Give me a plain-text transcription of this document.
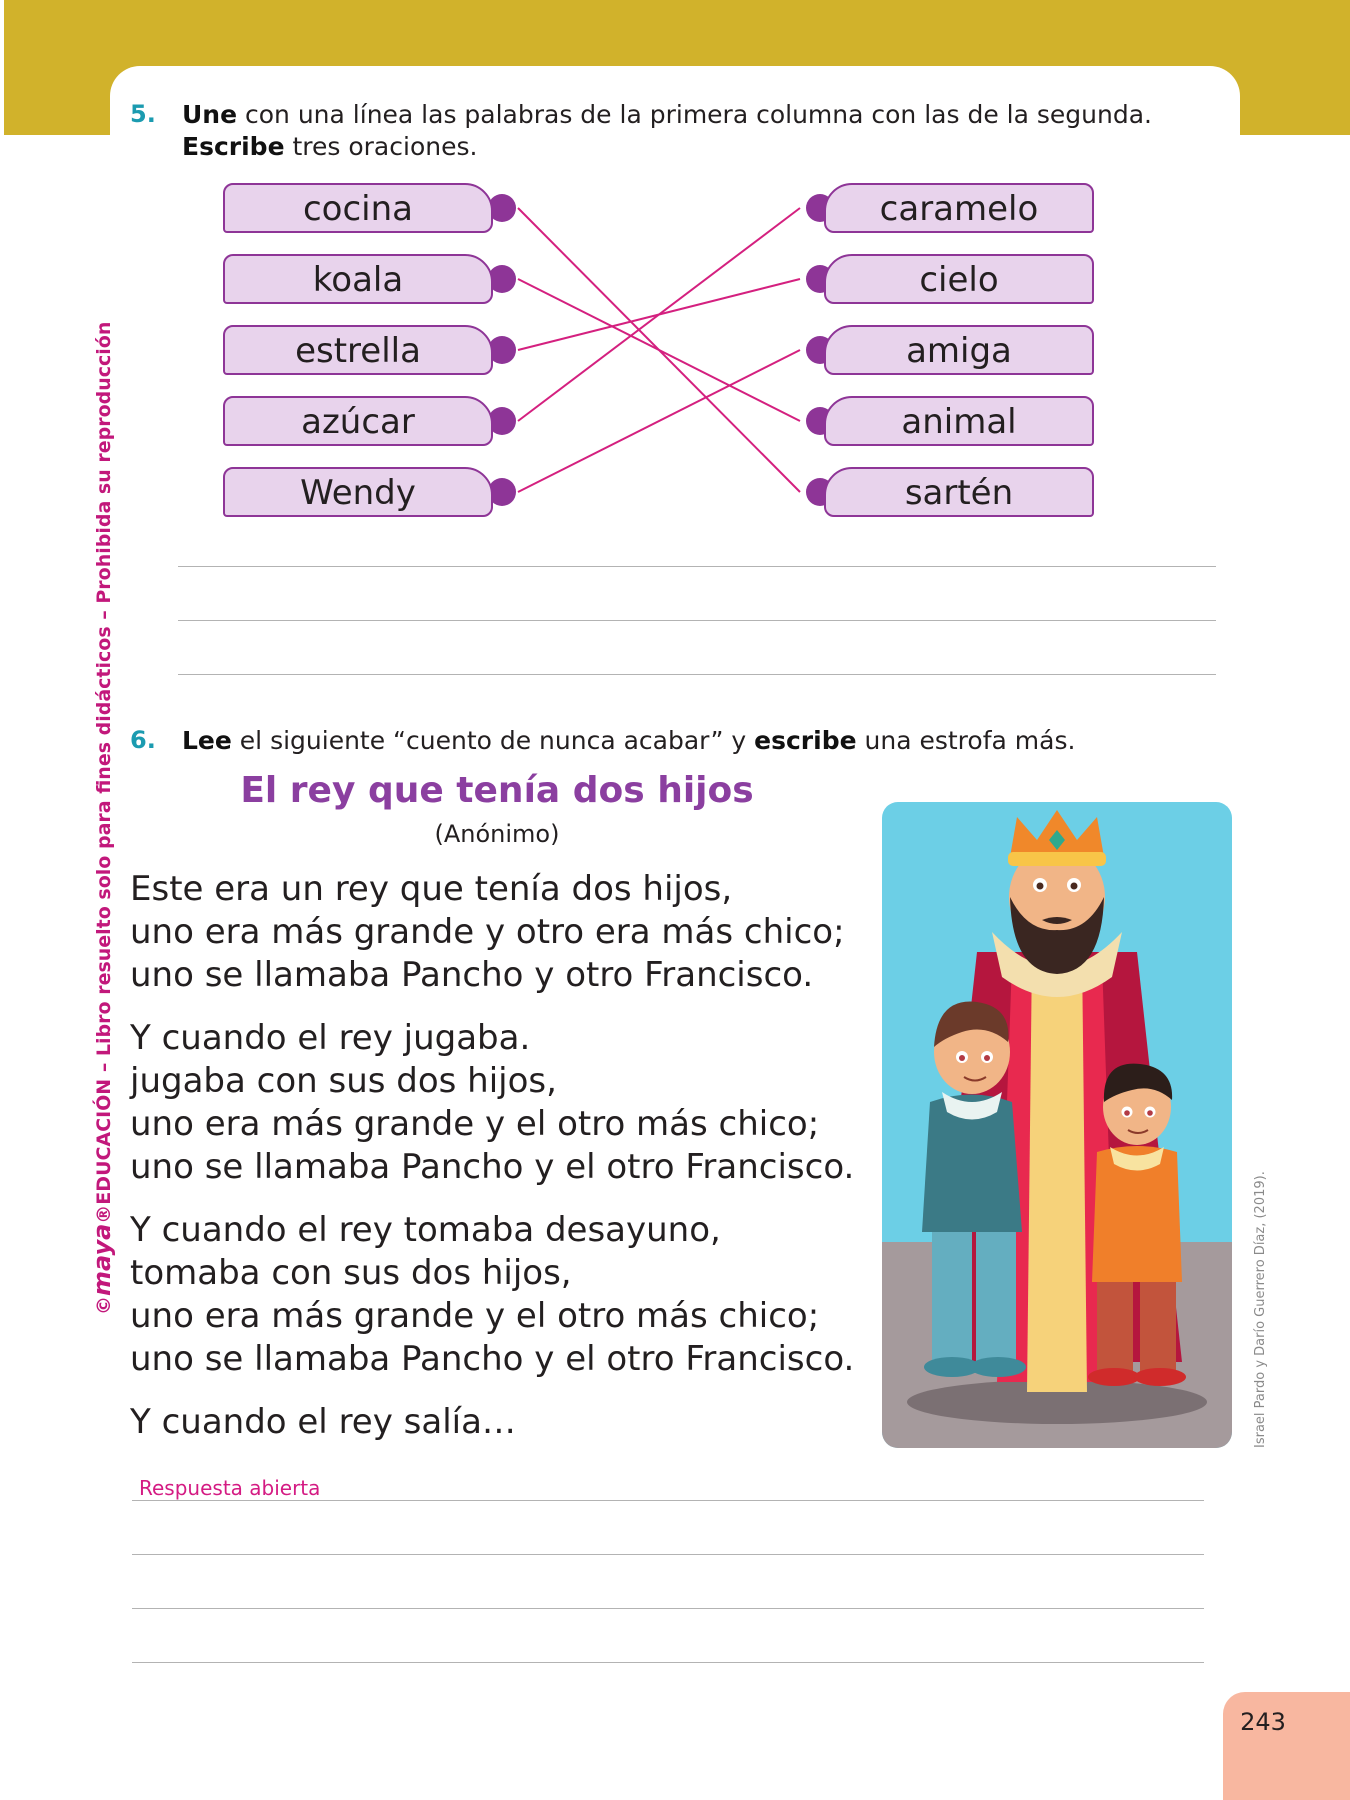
5. Une con una línea las palabras de la primera columna con las de la segunda.
Escribe tres oraciones.
cocina
koala
estrella
azúcar
Wendy
caramelo
cielo
amiga
animal
sartén
6. Lee el siguiente “cuento de nunca acabar” y escribe una estrofa más.
El rey que tenía dos hijos
(Anónimo)
Este era un rey que tenía dos hijos,
uno era más grande y otro era más chico;
uno se llamaba Pancho y otro Francisco.
Y cuando el rey jugaba.
jugaba con sus dos hijos,
uno era más grande y el otro más chico;
uno se llamaba Pancho y el otro Francisco.
Y cuando el rey tomaba desayuno,
tomaba con sus dos hijos,
uno era más grande y el otro más chico;
uno se llamaba Pancho y el otro Francisco.
Y cuando el rey salía…	Israel Pardo y Darío Guerrero Díaz, (2019).
Respuesta abierta
©maya®EDUCACIÓN – Libro resuelto solo para fines didácticos – Prohibida su reproducción
243
